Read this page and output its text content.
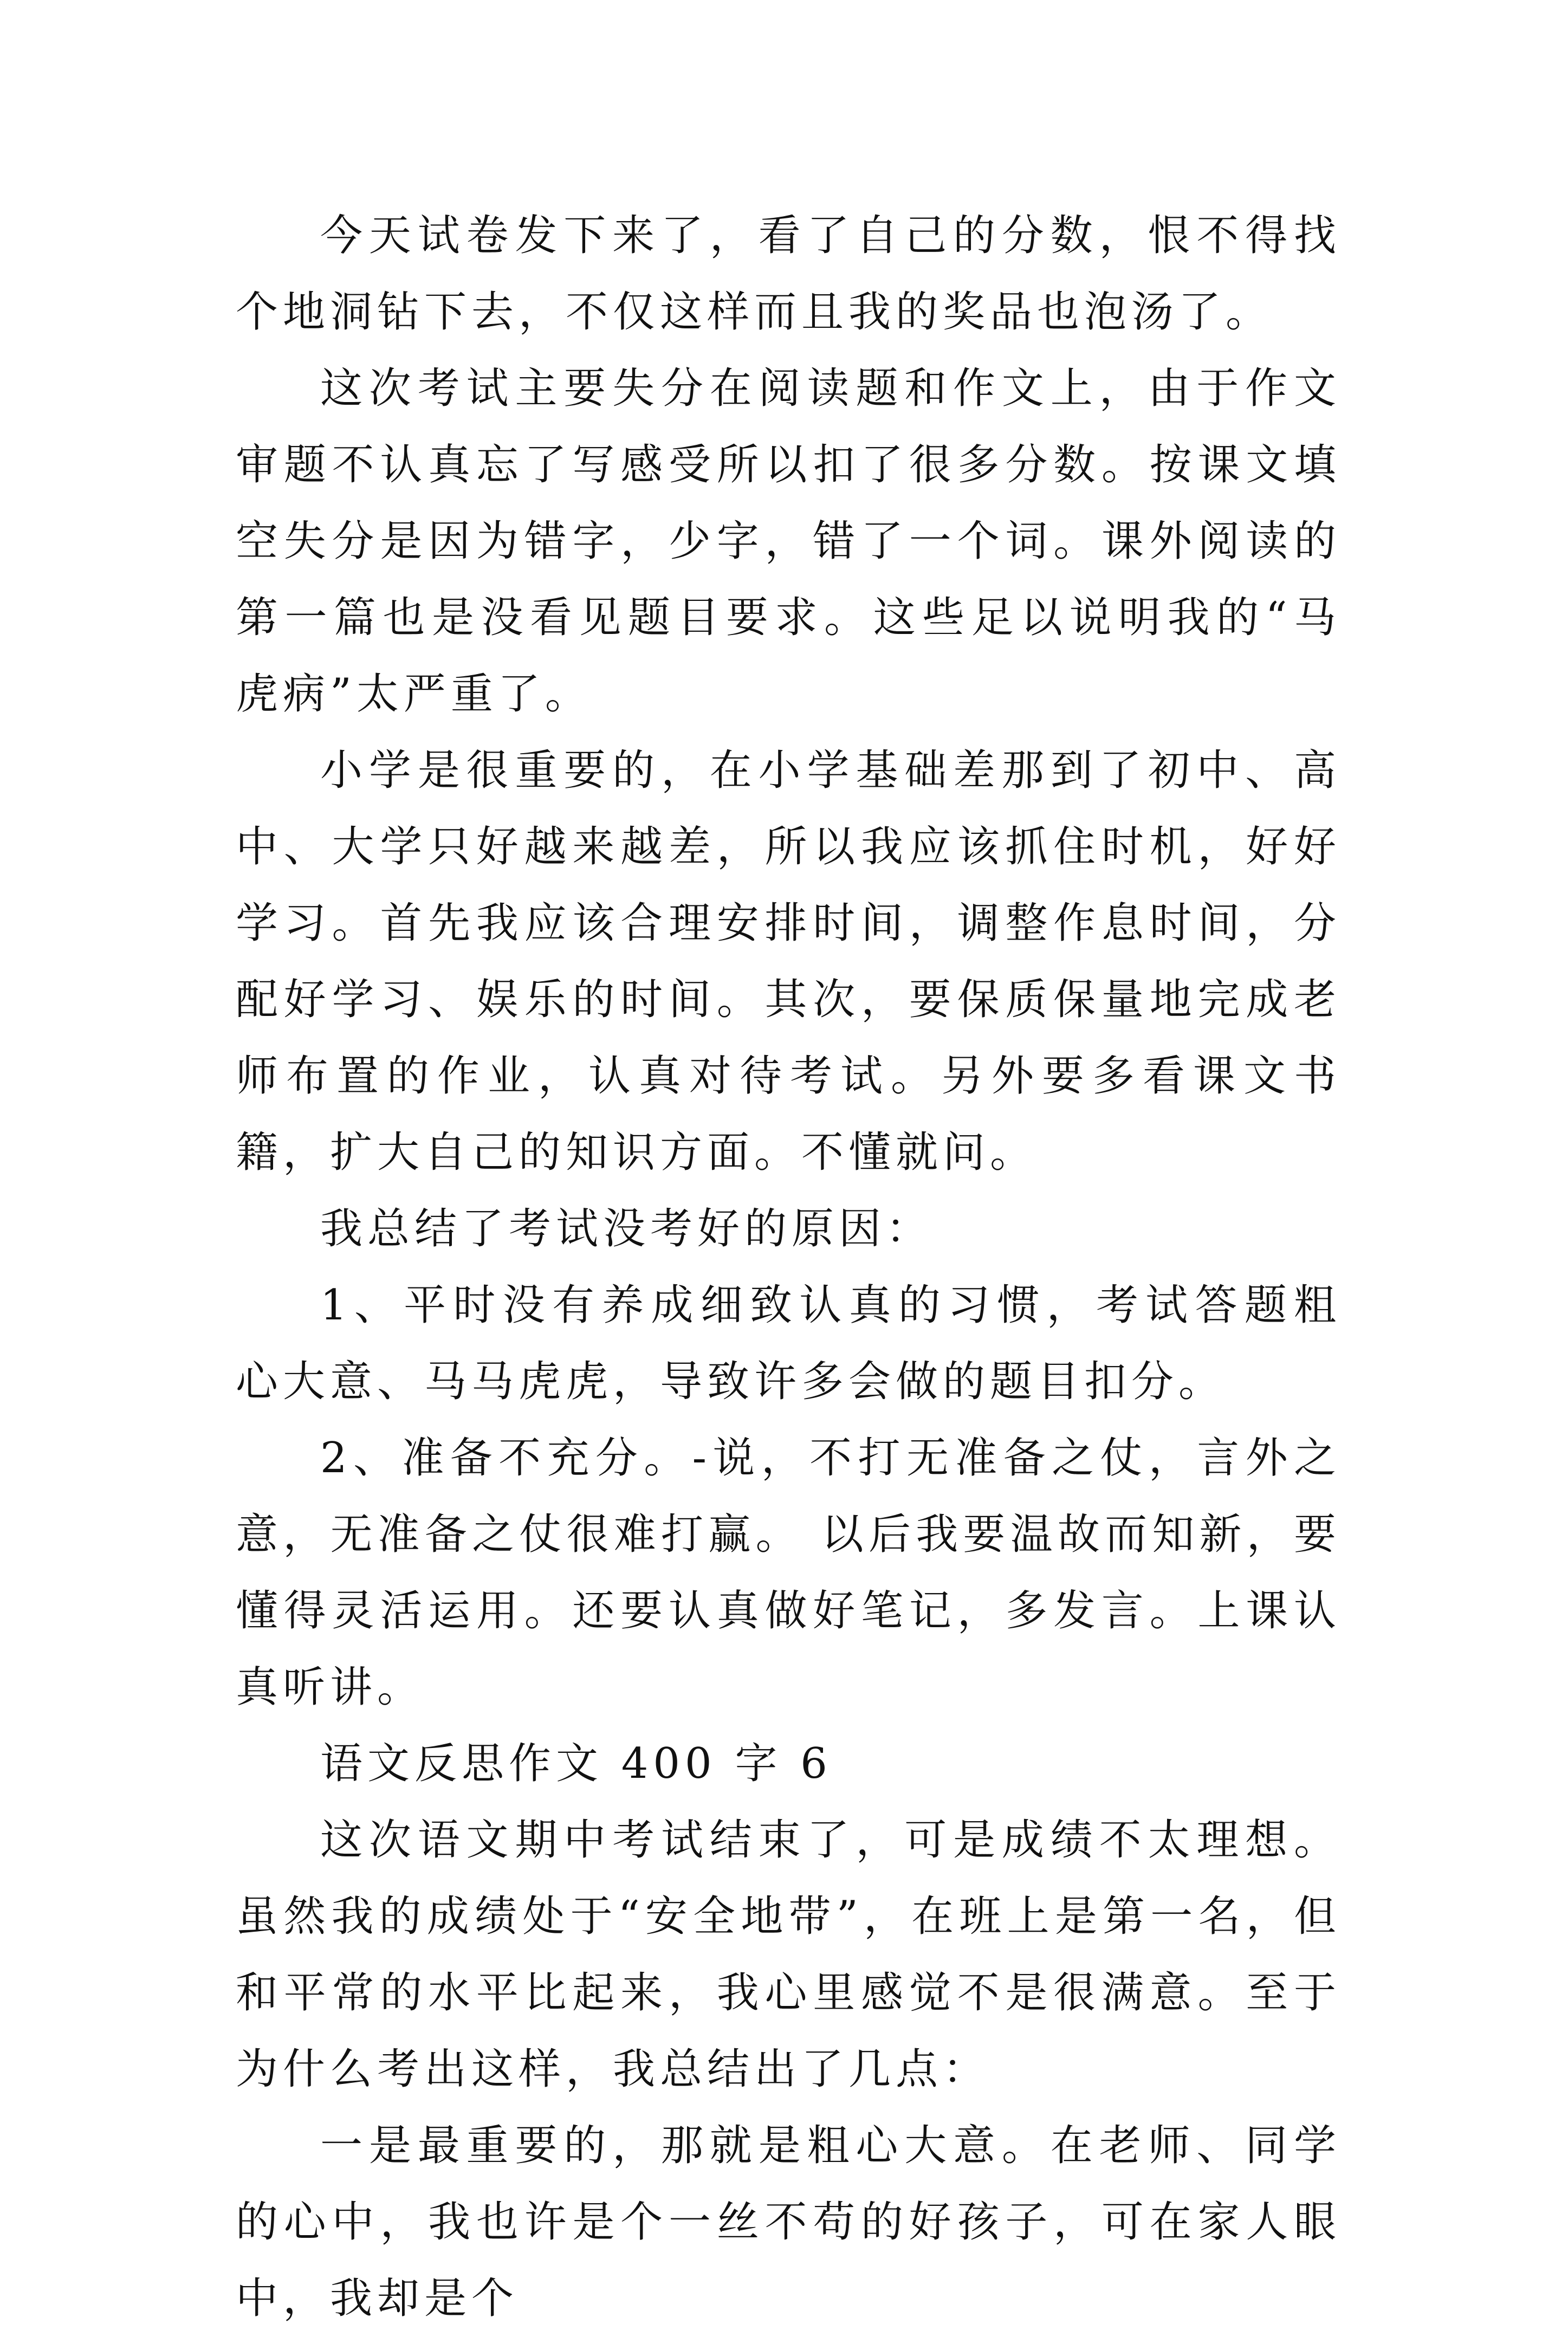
今天试卷发下来了，看了自己的分数，恨不得找个地洞钻下去，不仅这样而且我的奖品也泡汤了。

这次考试主要失分在阅读题和作文上，由于作文审题不认真忘了写感受所以扣了很多分数。按课文填空失分是因为错字，少字，错了一个词。课外阅读的第一篇也是没看见题目要求。这些足以说明我的“马虎病”太严重了。

小学是很重要的，在小学基础差那到了初中、高中、大学只好越来越差，所以我应该抓住时机，好好学习。首先我应该合理安排时间，调整作息时间，分配好学习、娱乐的时间。其次，要保质保量地完成老师布置的作业，认真对待考试。另外要多看课文书籍，扩大自己的知识方面。不懂就问。

我总结了考试没考好的原因：

1、平时没有养成细致认真的习惯，考试答题粗心大意、马马虎虎，导致许多会做的题目扣分。

2、准备不充分。-说，不打无准备之仗，言外之意，无准备之仗很难打赢。 以后我要温故而知新，要懂得灵活运用。还要认真做好笔记，多发言。上课认真听讲。

语文反思作文 400 字 6

这次语文期中考试结束了，可是成绩不太理想。虽然我的成绩处于“安全地带”，在班上是第一名，但和平常的水平比起来，我心里感觉不是很满意。至于为什么考出这样，我总结出了几点：

一是最重要的，那就是粗心大意。在老师、同学的心中，我也许是个一丝不苟的好孩子，可在家人眼中，我却是个
